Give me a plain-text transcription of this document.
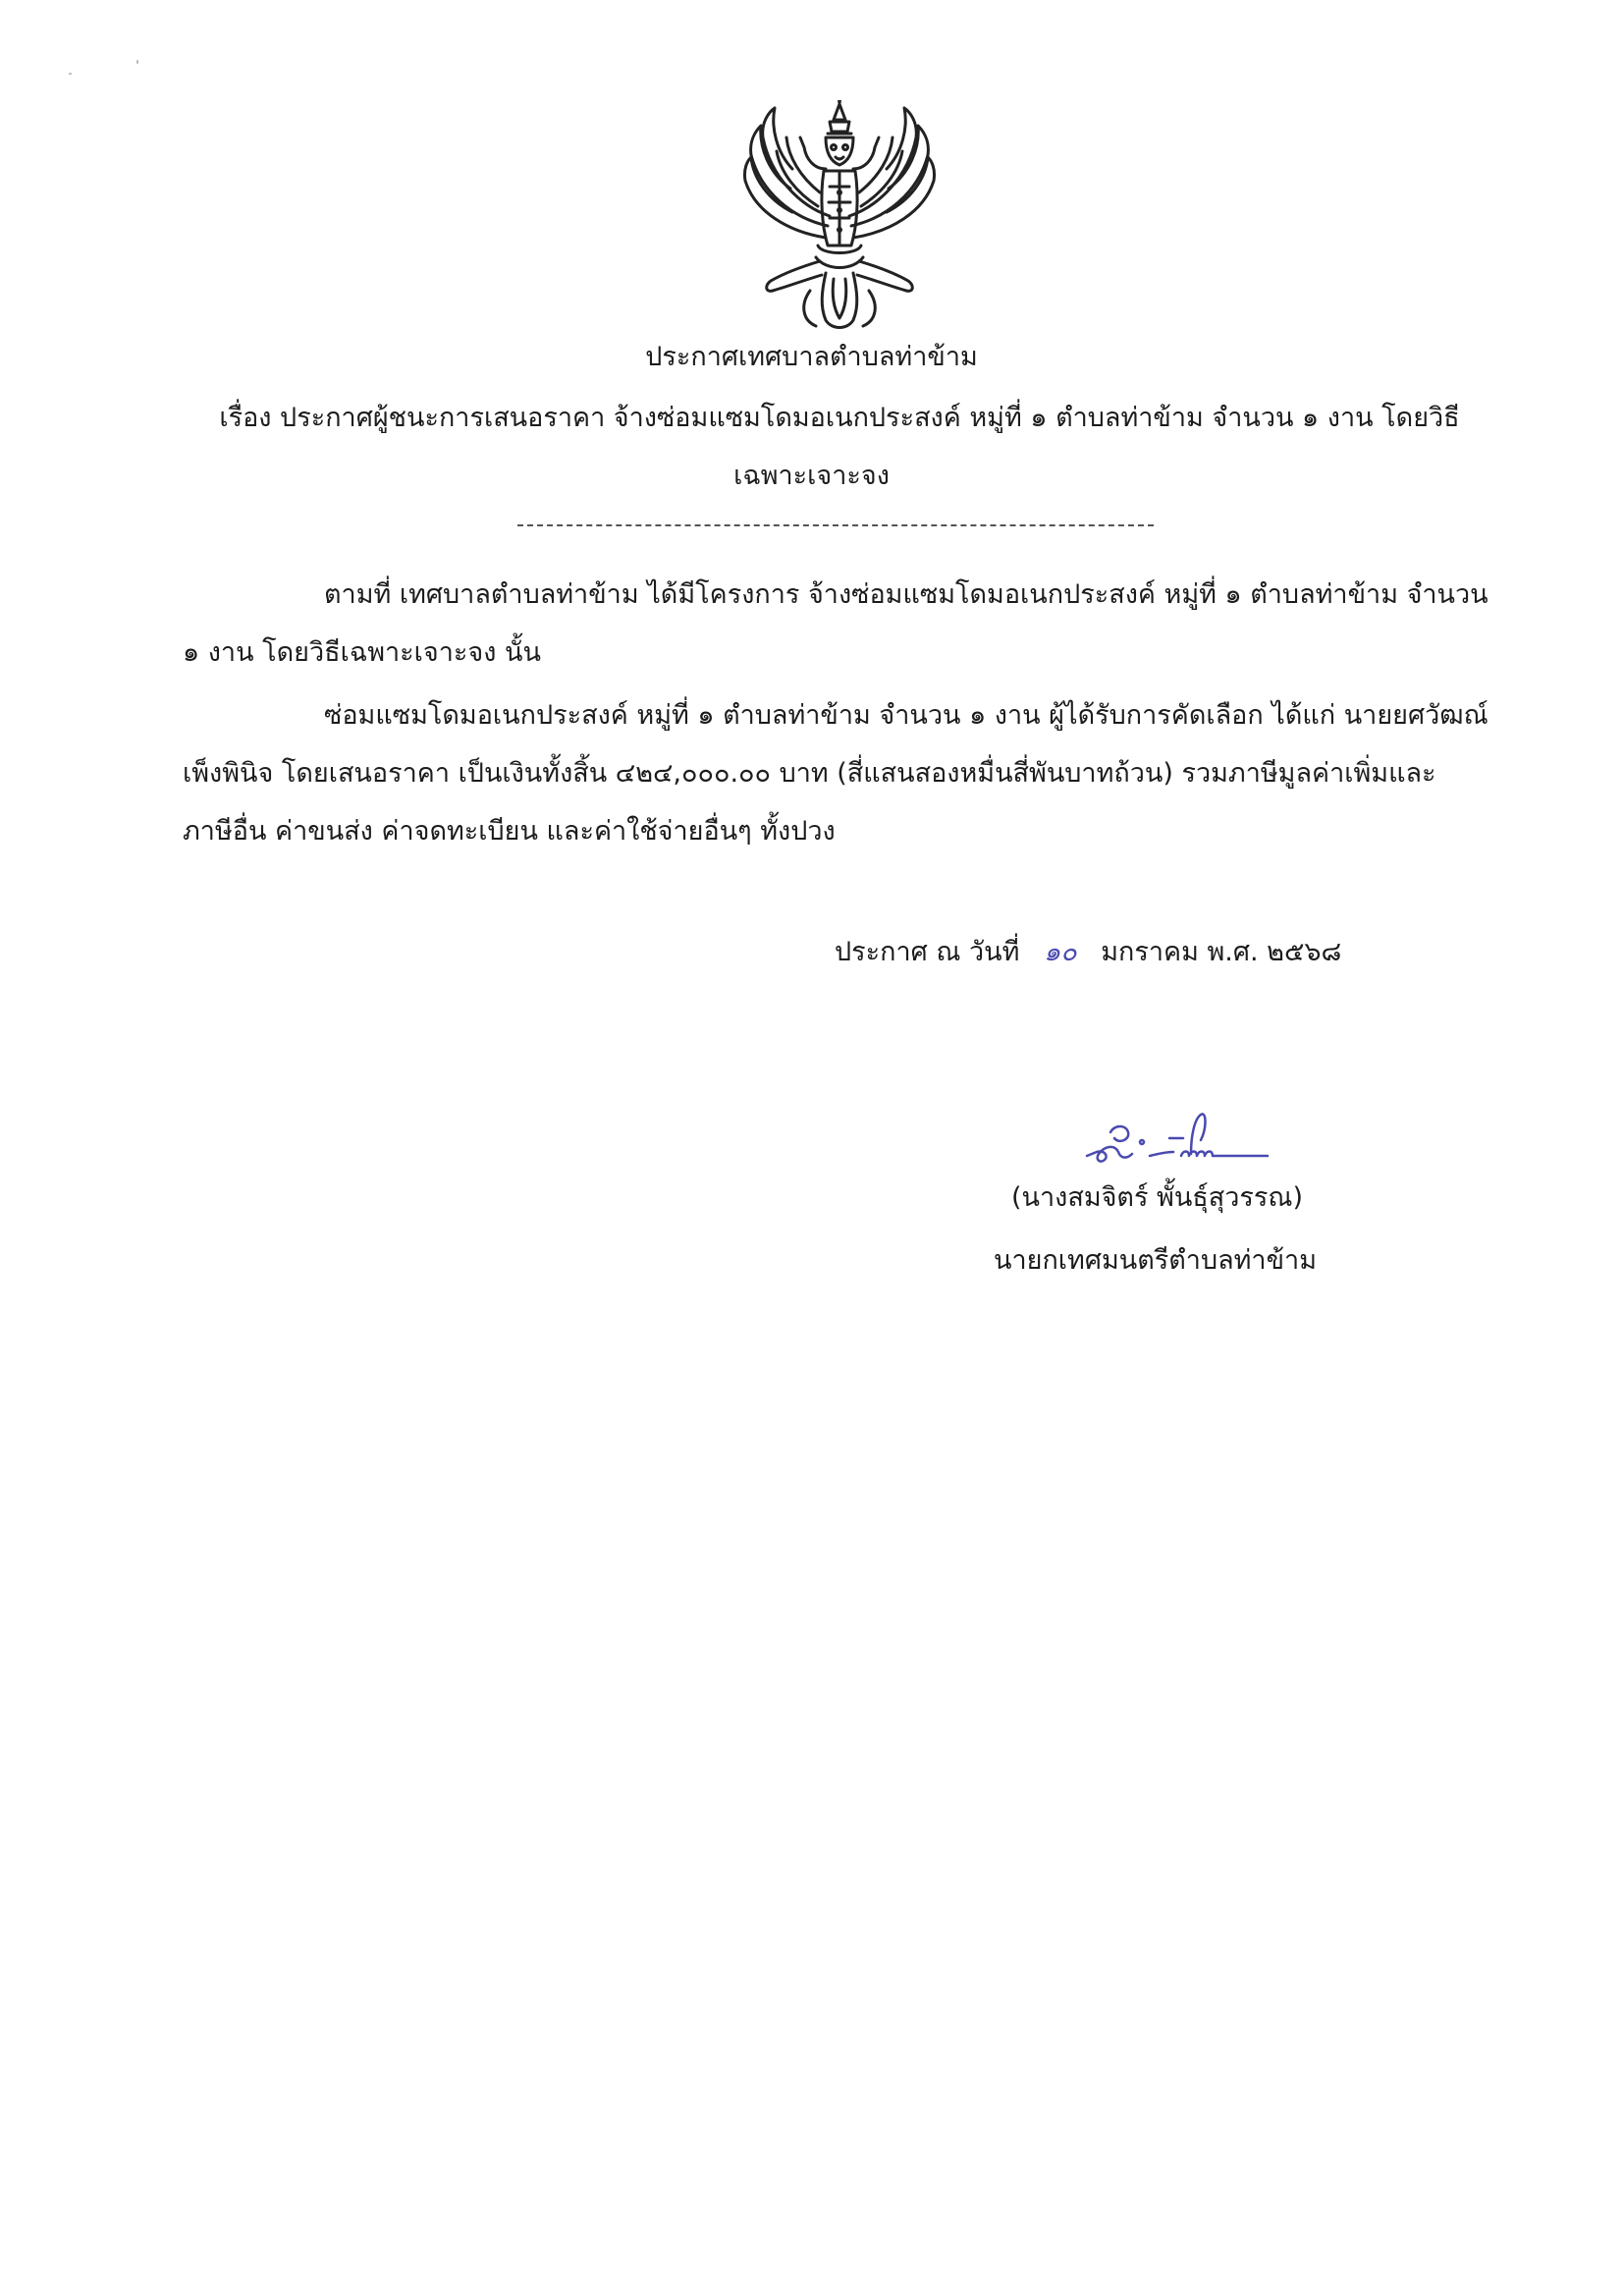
ประกาศเทศบาลตำบลท่าข้าม
เรื่อง ประกาศผู้ชนะการเสนอราคา จ้างซ่อมแซมโดมอเนกประสงค์ หมู่ที่ ๑ ตำบลท่าข้าม จำนวน ๑ งาน โดยวิธี
เฉพาะเจาะจง
ตามที่ เทศบาลตำบลท่าข้าม ได้มีโครงการ จ้างซ่อมแซมโดมอเนกประสงค์ หมู่ที่ ๑ ตำบลท่าข้าม จำนวน
๑ งาน โดยวิธีเฉพาะเจาะจง นั้น
ซ่อมแซมโดมอเนกประสงค์ หมู่ที่ ๑ ตำบลท่าข้าม จำนวน ๑ งาน ผู้ได้รับการคัดเลือก ได้แก่ นายยศวัฒณ์
เพ็งพินิจ โดยเสนอราคา เป็นเงินทั้งสิ้น ๔๒๔,๐๐๐.๐๐ บาท (สี่แสนสองหมื่นสี่พันบาทถ้วน) รวมภาษีมูลค่าเพิ่มและ
ภาษีอื่น ค่าขนส่ง ค่าจดทะเบียน และค่าใช้จ่ายอื่นๆ ทั้งปวง
ประกาศ ณ วันที่ ๑๐ มกราคม พ.ศ. ๒๕๖๘
(นางสมจิตร์ พั้นธุ์สุวรรณ)
นายกเทศมนตรีตำบลท่าข้าม
